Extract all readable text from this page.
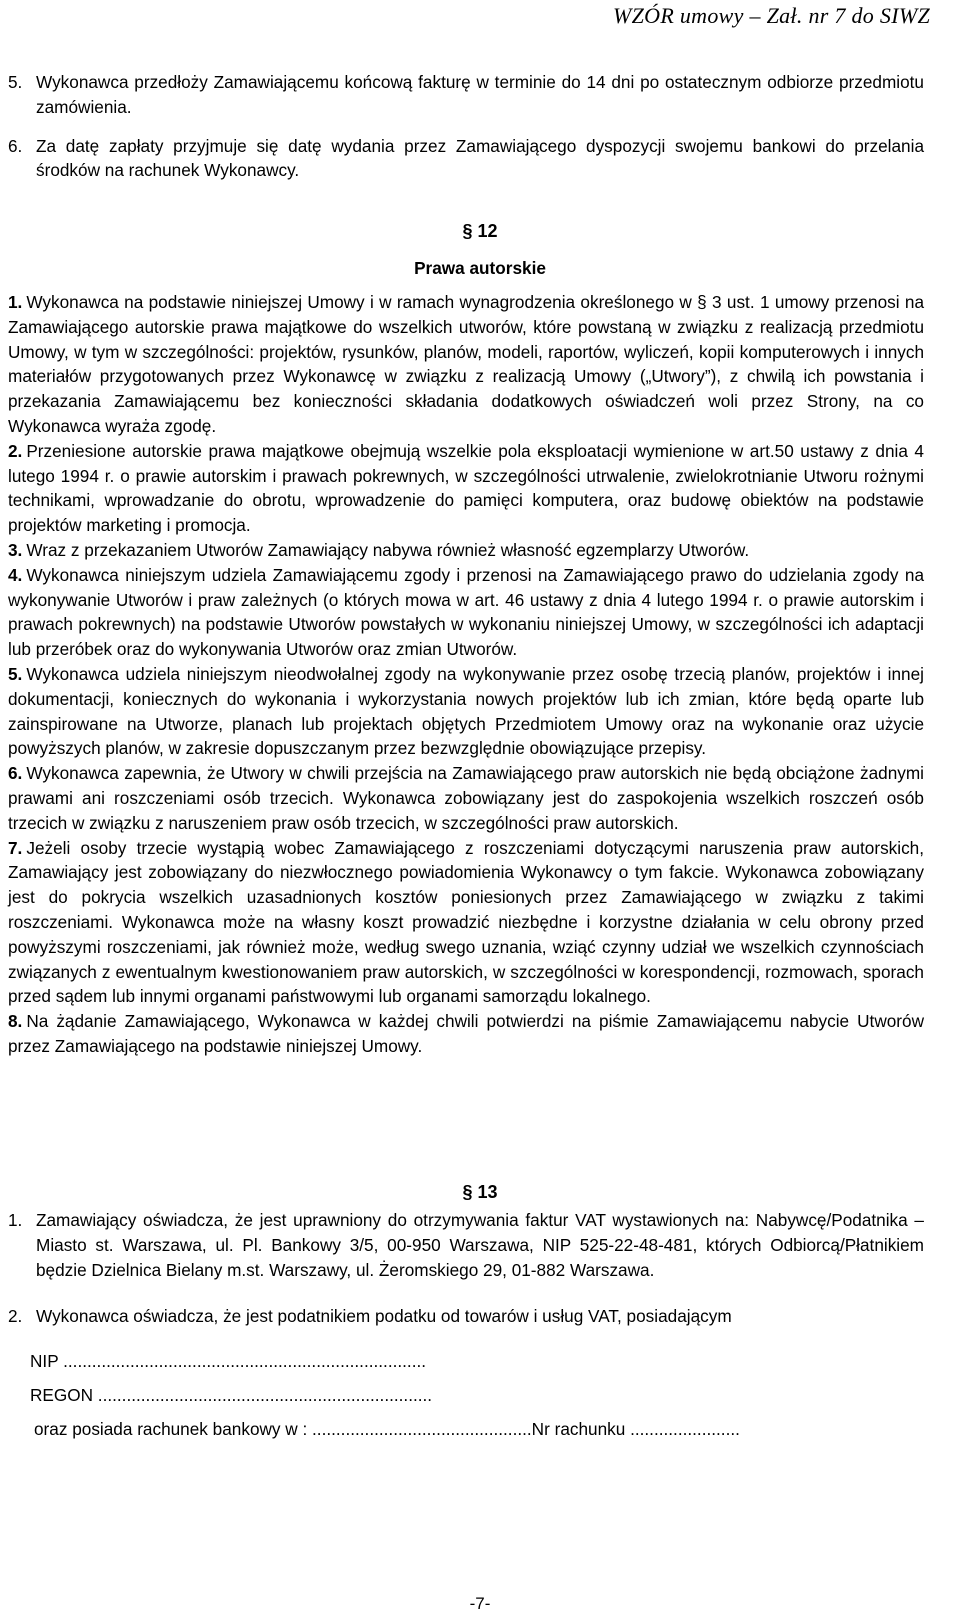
WZÓR umowy – Zał. nr 7 do SIWZ
5. Wykonawca przedłoży Zamawiającemu końcową fakturę w terminie do 14 dni po ostatecznym odbiorze przedmiotu zamówienia.
6. Za datę zapłaty przyjmuje się datę wydania przez Zamawiającego dyspozycji swojemu bankowi do przelania środków na rachunek Wykonawcy.
§ 12
Prawa autorskie

1. Wykonawca na podstawie niniejszej Umowy i w ramach wynagrodzenia określonego w § 3 ust. 1 umowy przenosi na Zamawiającego autorskie prawa majątkowe do wszelkich utworów, które powstaną w związku z realizacją przedmiotu Umowy, w tym w szczególności: projektów, rysunków, planów, modeli, raportów, wyliczeń, kopii komputerowych i innych materiałów przygotowanych przez Wykonawcę w związku z realizacją Umowy („Utwory”), z chwilą ich powstania i przekazania Zamawiającemu bez konieczności składania dodatkowych oświadczeń woli przez Strony, na co Wykonawca wyraża zgodę.

2. Przeniesione autorskie prawa majątkowe obejmują wszelkie pola eksploatacji wymienione w art.50 ustawy z dnia 4 lutego 1994 r. o prawie autorskim i prawach pokrewnych, w szczególności utrwalenie, zwielokrotnianie Utworu rożnymi technikami, wprowadzanie do obrotu, wprowadzenie do pamięci komputera, oraz budowę obiektów na podstawie projektów marketing i promocja.

3. Wraz z przekazaniem Utworów Zamawiający nabywa również własność egzemplarzy Utworów.

4. Wykonawca niniejszym udziela Zamawiającemu zgody i przenosi na Zamawiającego prawo do udzielania zgody na wykonywanie Utworów i praw zależnych (o których mowa w art. 46 ustawy z dnia 4 lutego 1994 r. o prawie autorskim i prawach pokrewnych) na podstawie Utworów powstałych w wykonaniu niniejszej Umowy, w szczególności ich adaptacji lub przeróbek oraz do wykonywania Utworów oraz zmian Utworów.

5. Wykonawca udziela niniejszym nieodwołalnej zgody na wykonywanie przez osobę trzecią planów, projektów i innej dokumentacji, koniecznych do wykonania i wykorzystania nowych projektów lub ich zmian, które będą oparte lub zainspirowane na Utworze, planach lub projektach objętych Przedmiotem Umowy oraz na wykonanie oraz użycie powyższych planów, w zakresie dopuszczanym przez bezwzględnie obowiązujące przepisy.

6. Wykonawca zapewnia, że Utwory w chwili przejścia na Zamawiającego praw autorskich nie będą obciążone żadnymi prawami ani roszczeniami osób trzecich. Wykonawca zobowiązany jest do zaspokojenia wszelkich roszczeń osób trzecich w związku z naruszeniem praw osób trzecich, w szczególności praw autorskich.

7. Jeżeli osoby trzecie wystąpią wobec Zamawiającego z roszczeniami dotyczącymi naruszenia praw autorskich, Zamawiający jest zobowiązany do niezwłocznego powiadomienia Wykonawcy o tym fakcie. Wykonawca zobowiązany jest do pokrycia wszelkich uzasadnionych kosztów poniesionych przez Zamawiającego w związku z takimi roszczeniami. Wykonawca może na własny koszt prowadzić niezbędne i korzystne działania w celu obrony przed powyższymi roszczeniami, jak również może, według swego uznania, wziąć czynny udział we wszelkich czynnościach związanych z ewentualnym kwestionowaniem praw autorskich, w szczególności w korespondencji, rozmowach, sporach przed sądem lub innymi organami państwowymi lub organami samorządu lokalnego.

8. Na żądanie Zamawiającego, Wykonawca w każdej chwili potwierdzi na piśmie Zamawiającemu nabycie Utworów przez Zamawiającego na podstawie niniejszej Umowy.

§ 13
1. Zamawiający oświadcza, że jest uprawniony do otrzymywania faktur VAT wystawionych na: Nabywcę/Podatnika – Miasto st. Warszawa, ul. Pl. Bankowy 3/5, 00-950 Warszawa, NIP 525-22-48-481, których Odbiorcą/Płatnikiem będzie Dzielnica Bielany m.st. Warszawy, ul. Żeromskiego 29, 01-882 Warszawa.
2. Wykonawca oświadcza, że jest podatnikiem podatku od towarów i usług VAT, posiadającym
NIP ............................................................................
REGON ......................................................................
oraz posiada rachunek bankowy w : ..............................................Nr rachunku .......................
-7-
